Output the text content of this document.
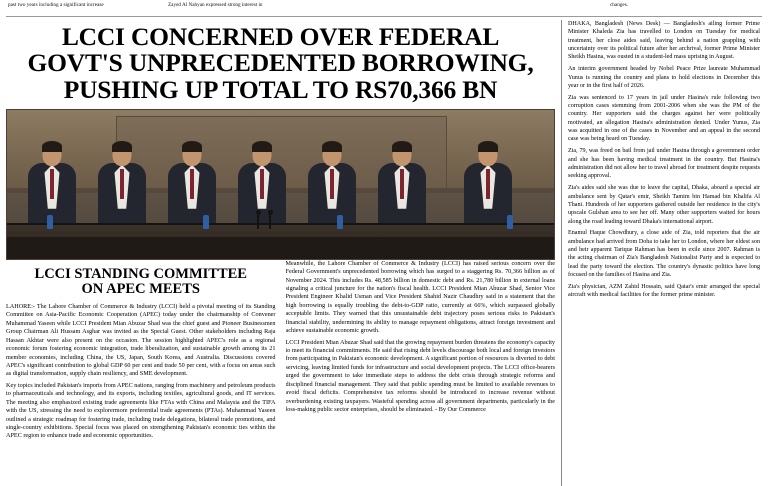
past two years including a significant increase	Zayed Al Nahyan expressed strong interest in	changes.
LCCI CONCERNED OVER FEDERAL
GOVT'S UNPRECEDENTED BORROWING,
PUSHING UP TOTAL TO RS70,366 BN
LCCI STANDING COMMITTEE
ON APEC MEETS

LAHORE:- The Lahore Chamber of Commerce & Industry (LCCI) held a pivotal meeting of its Standing Committee on Asia-Pacific Economic Cooperation (APEC) today under the chairmanship of Convener Muhammad Yaseen while LCCI President Mian Abuzar Shad was the chief guest and Pioneer Businessmen Group Chairman Ali Hussam Asghar was invited as the Special Guest. Other stakeholders including Raja Hassan Akhtar were also present on the occasion. The session highlighted APEC's role as a regional economic forum fostering economic integration, trade liberalization, and sustainable growth among its 21 member economies, including China, the US, Japan, South Korea, and Australia. Discussions covered APEC's significant contribution to global GDP 60 per cent and trade 50 per cent, with a focus on areas such as digital transformation, supply chain resiliency, and SME development.

Key topics included Pakistan's imports from APEC nations, ranging from machinery and petroleum products to pharmaceuticals and technology, and its exports, including textiles, agricultural goods, and IT services. The meeting also emphasized existing trade agreements like FTAs with China and Malaysia and the TIFA with the US, stressing the need to explorermore preferential trade agreements (PTAs). Muhammad Yaseen outlined a strategic roadmap for fostering trade, including trade delegations, bilateral trade promotions, and single-country exhibitions. Special focus was placed on strengthening Pakistan's economic ties within the APEC region to enhance trade and economic opportunities.

Meanwhile, the Lahore Chamber of Commerce & Industry (LCCI) has raised serious concern over the Federal Government's unprecedented borrowing which has surged to a staggering Rs. 70,366 billion as of November 2024. This includes Rs. 48,585 billion in domestic debt and Rs. 21,780 billion in external loans signaling a critical juncture for the nation's fiscal health. LCCI President Mian Abuzar Shad, Senior Vice President Engineer Khalid Usman and Vice President Shahid Nazir Chaudhry said in a statement that the high borrowing is equally troubling the debt-to-GDP ratio, currently at 66%, which surpassed globally acceptable limits. They warned that this unsustainable debt trajectory poses serious risks to Pakistan's financial stability, undermining its ability to manage repayment obligations, attract foreign investment and achieve sustainable economic growth.

LCCI President Mian Abuzar Shad said that the growing repayment burden threatens the economy's capacity to meet its financial commitments. He said that rising debt levels discourage both local and foreign investors from participating in Pakistan's economic development. A significant portion of resources is diverted to debt servicing, leaving limited funds for infrastructure and social development projects. The LCCI office-bearers urged the government to take immediate steps to address the debt crisis through strategic reforms and disciplined financial management. They said that public spending must be limited to available revenues to avoid fiscal deficits. Comprehensive tax reforms should be introduced to increase revenue without overburdening existing taxpayers. Wasteful spending across all government departments, particularly in the loss-making public sector enterprises, should be eliminated. - By Our Commerce

DHAKA, Bangladesh (News Desk) — Bangladesh's ailing former Prime Minister Khaleda Zia has travelled to London on Tuesday for medical treatment, her close aides said, leaving behind a nation grappling with uncertainty over its political future after her archrival, former Prime Minister Sheikh Hasina, was ousted in a student-led mass uprising in August.

An interim government headed by Nobel Peace Prize laureate Muhammad Yunus is running the country and plans to hold elections in December this year or in the first half of 2026.

Zia was sentenced to 17 years in jail under Hasina's rule following two corruption cases stemming from 2001-2006 when she was the PM of the country. Her supporters said the charges against her were politically motivated, an allegation Hasina's administration denied. Under Yunus, Zia was acquitted in one of the cases in November and an appeal in the second case was being heard on Tuesday.

Zia, 79, was freed on bail from jail under Hasina through a government order and she has been having medical treatment in the country. But Hasina's administration did not allow her to travel abroad for treatment despite requests seeking approval.

Zia's aides said she was due to leave the capital, Dhaka, aboard a special air ambulance sent by Qatar's emir, Sheikh Tamim bin Hamad bin Khalifa Al Thani. Hundreds of her supporters gathered outside her residence in the city's upscale Gulshan area to see her off. Many other supporters waited for hours along the road leading toward Dhaka's international airport.

Enamul Haque Chowdhury, a close aide of Zia, told reporters that the air ambulance had arrived from Doha to take her to London, where her eldest son and heir apparent Tarique Rahman has been in exile since 2007. Rahman is the acting chairman of Zia's Bangladesh Nationalist Party and is expected to lead the party toward the election. The country's dynastic politics have long focused on the families of Hasina and Zia.

Zia's physician, AZM Zahid Hossain, said Qatar's emir arranged the special aircraft with medical facilities for the former prime minister.
